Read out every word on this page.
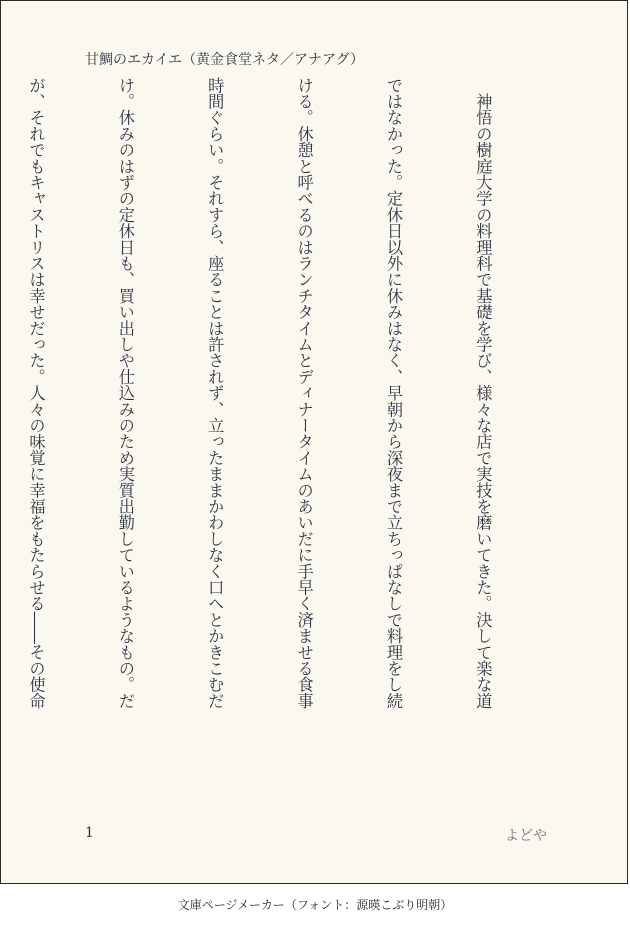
甘鯛のエカイエ（黄金食堂ネタ／アナアグ）

　神悟の樹庭大学の料理科で基礎を学び、様々な店で実技を磨いてきた。決して楽な道

ではなかった。定休日以外に休みはなく、早朝から深夜まで立ちっぱなしで料理をし続

ける。休憩と呼べるのはランチタイムとディナータイムのあいだに手早く済ませる食事

時間ぐらい。それすら、座ることは許されず、立ったままかわしなく口へとかきこむだ

け。休みのはずの定休日も、買い出しや仕込みのため実質出勤しているようなもの。だ

が、それでもキャストリスは幸せだった。人々の味覚に幸福をもたらせる――その使命

1	よどや
文庫ページメーカー（フォント：源暎こぶり明朝）
